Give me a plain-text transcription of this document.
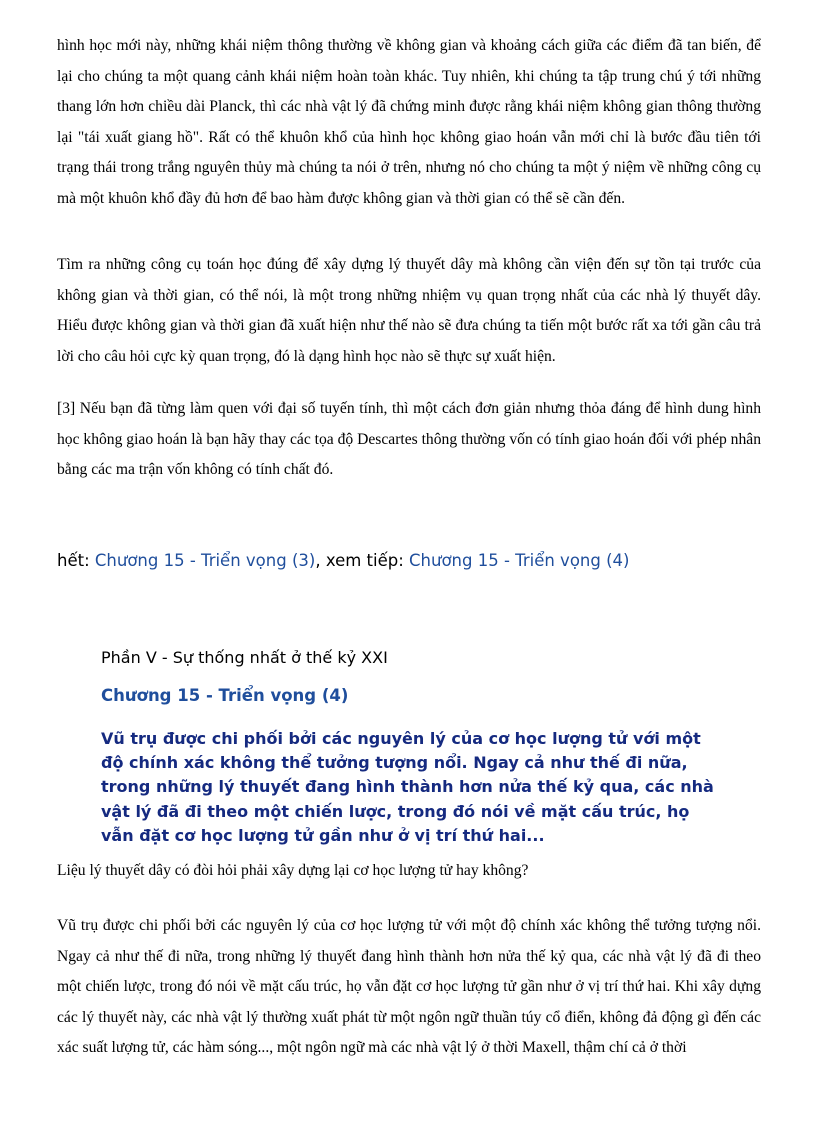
hình học mới này, những khái niệm thông thường về không gian và khoảng cách giữa các điểm đã tan biến, để lại cho chúng ta một quang cảnh khái niệm hoàn toàn khác. Tuy nhiên, khi chúng ta tập trung chú ý tới những thang lớn hơn chiều dài Planck, thì các nhà vật lý đã chứng minh được rằng khái niệm không gian thông thường lại "tái xuất giang hồ". Rất có thể khuôn khổ của hình học không giao hoán vẫn mới chỉ là bước đầu tiên tới trạng thái trong trắng nguyên thủy mà chúng ta nói ở trên, nhưng nó cho chúng ta một ý niệm về những công cụ mà một khuôn khổ đầy đủ hơn để bao hàm được không gian và thời gian có thể sẽ cần đến.

Tìm ra những công cụ toán học đúng để xây dựng lý thuyết dây mà không cần viện đến sự tồn tại trước của không gian và thời gian, có thể nói, là một trong những nhiệm vụ quan trọng nhất của các nhà lý thuyết dây. Hiểu được không gian và thời gian đã xuất hiện như thế nào sẽ đưa chúng ta tiến một bước rất xa tới gần câu trả lời cho câu hỏi cực kỳ quan trọng, đó là dạng hình học nào sẽ thực sự xuất hiện.

[3] Nếu bạn đã từng làm quen với đại số tuyến tính, thì một cách đơn giản nhưng thỏa đáng để hình dung hình học không giao hoán là bạn hãy thay các tọa độ Descartes thông thường vốn có tính giao hoán đối với phép nhân bằng các ma trận vốn không có tính chất đó.

hết: Chương 15 - Triển vọng (3), xem tiếp: Chương 15 - Triển vọng (4)
Phần V - Sự thống nhất ở thế kỷ XXI
Chương 15 - Triển vọng (4)
Vũ trụ được chi phối bởi các nguyên lý của cơ học lượng tử với một
độ chính xác không thể tưởng tượng nổi. Ngay cả như thế đi nữa,
trong những lý thuyết đang hình thành hơn nửa thế kỷ qua, các nhà
vật lý đã đi theo một chiến lược, trong đó nói về mặt cấu trúc, họ
vẫn đặt cơ học lượng tử gần như ở vị trí thứ hai...
Liệu lý thuyết dây có đòi hỏi phải xây dựng lại cơ học lượng tử hay không?

Vũ trụ được chi phối bởi các nguyên lý của cơ học lượng tử với một độ chính xác không thể tưởng tượng nổi. Ngay cả như thế đi nữa, trong những lý thuyết đang hình thành hơn nửa thế kỷ qua, các nhà vật lý đã đi theo một chiến lược, trong đó nói về mặt cấu trúc, họ vẫn đặt cơ học lượng tử gần như ở vị trí thứ hai. Khi xây dựng các lý thuyết này, các nhà vật lý thường xuất phát từ một ngôn ngữ thuần túy cổ điển, không đả động gì đến các xác suất lượng tử, các hàm sóng..., một ngôn ngữ mà các nhà vật lý ở thời Maxell, thậm chí cả ở thời
